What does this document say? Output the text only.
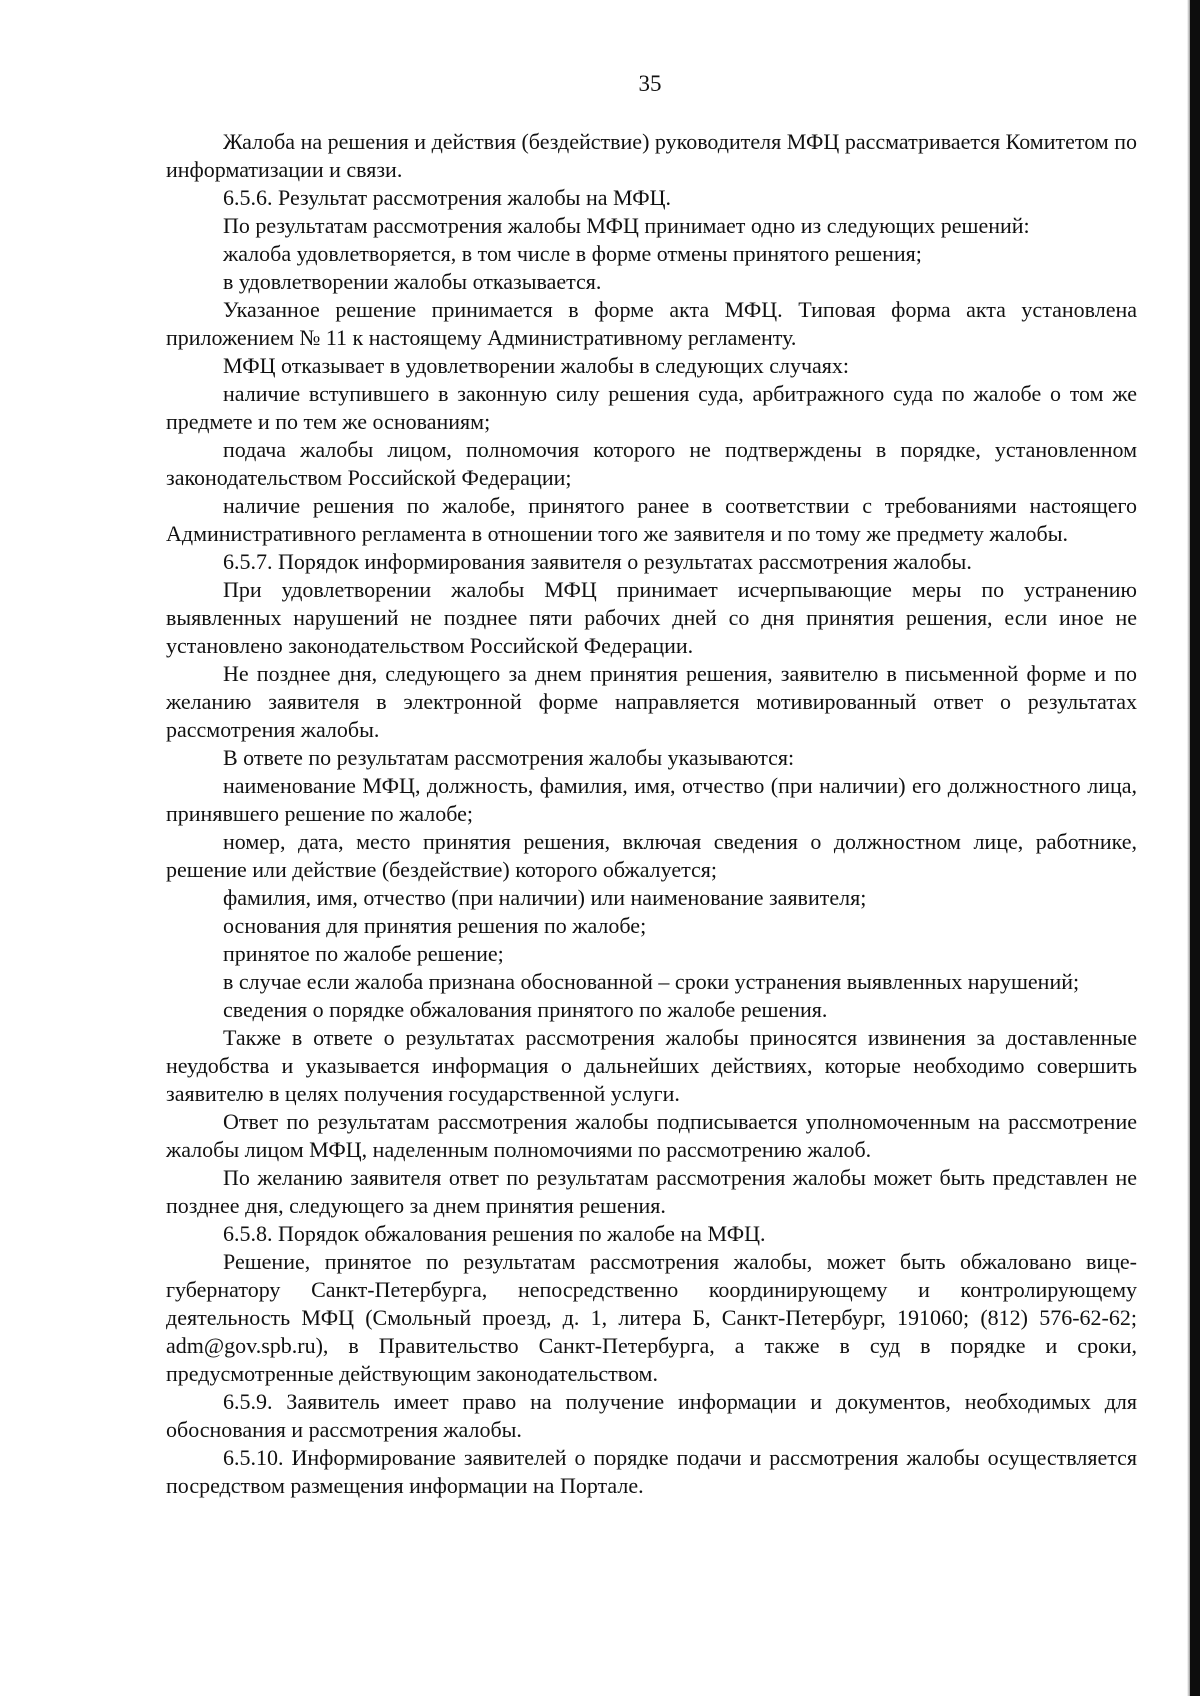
35

Жалоба на решения и действия (бездействие) руководителя МФЦ рассматривается Комитетом по информатизации и связи.

6.5.6. Результат рассмотрения жалобы на МФЦ.

По результатам рассмотрения жалобы МФЦ принимает одно из следующих решений:

жалоба удовлетворяется, в том числе в форме отмены принятого решения;

в удовлетворении жалобы отказывается.

Указанное решение принимается в форме акта МФЦ. Типовая форма акта установлена приложением № 11 к настоящему Административному регламенту.

МФЦ отказывает в удовлетворении жалобы в следующих случаях:

наличие вступившего в законную силу решения суда, арбитражного суда по жалобе о том же предмете и по тем же основаниям;

подача жалобы лицом, полномочия которого не подтверждены в порядке, установленном законодательством Российской Федерации;

наличие решения по жалобе, принятого ранее в соответствии с требованиями настоящего Административного регламента в отношении того же заявителя и по тому же предмету жалобы.

6.5.7. Порядок информирования заявителя о результатах рассмотрения жалобы.

При удовлетворении жалобы МФЦ принимает исчерпывающие меры по устранению выявленных нарушений не позднее пяти рабочих дней со дня принятия решения, если иное не установлено законодательством Российской Федерации.

Не позднее дня, следующего за днем принятия решения, заявителю в письменной форме и по желанию заявителя в электронной форме направляется мотивированный ответ о результатах рассмотрения жалобы.

В ответе по результатам рассмотрения жалобы указываются:

наименование МФЦ, должность, фамилия, имя, отчество (при наличии) его должностного лица, принявшего решение по жалобе;

номер, дата, место принятия решения, включая сведения о должностном лице, работнике, решение или действие (бездействие) которого обжалуется;

фамилия, имя, отчество (при наличии) или наименование заявителя;

основания для принятия решения по жалобе;

принятое по жалобе решение;

в случае если жалоба признана обоснованной – сроки устранения выявленных нарушений;

сведения о порядке обжалования принятого по жалобе решения.

Также в ответе о результатах рассмотрения жалобы приносятся извинения за доставленные неудобства и указывается информация о дальнейших действиях, которые необходимо совершить заявителю в целях получения государственной услуги.

Ответ по результатам рассмотрения жалобы подписывается уполномоченным на рассмотрение жалобы лицом МФЦ, наделенным полномочиями по рассмотрению жалоб.

По желанию заявителя ответ по результатам рассмотрения жалобы может быть представлен не позднее дня, следующего за днем принятия решения.

6.5.8. Порядок обжалования решения по жалобе на МФЦ.

Решение, принятое по результатам рассмотрения жалобы, может быть обжаловано вице-губернатору Санкт-Петербурга, непосредственно координирующему и контролирующему деятельность МФЦ (Смольный проезд, д. 1, литера Б, Санкт-Петербург, 191060; (812) 576-62-62; adm@gov.spb.ru), в Правительство Санкт-Петербурга, а также в суд в порядке и сроки, предусмотренные действующим законодательством.

6.5.9. Заявитель имеет право на получение информации и документов, необходимых для обоснования и рассмотрения жалобы.

6.5.10. Информирование заявителей о порядке подачи и рассмотрения жалобы осуществляется посредством размещения информации на Портале.
